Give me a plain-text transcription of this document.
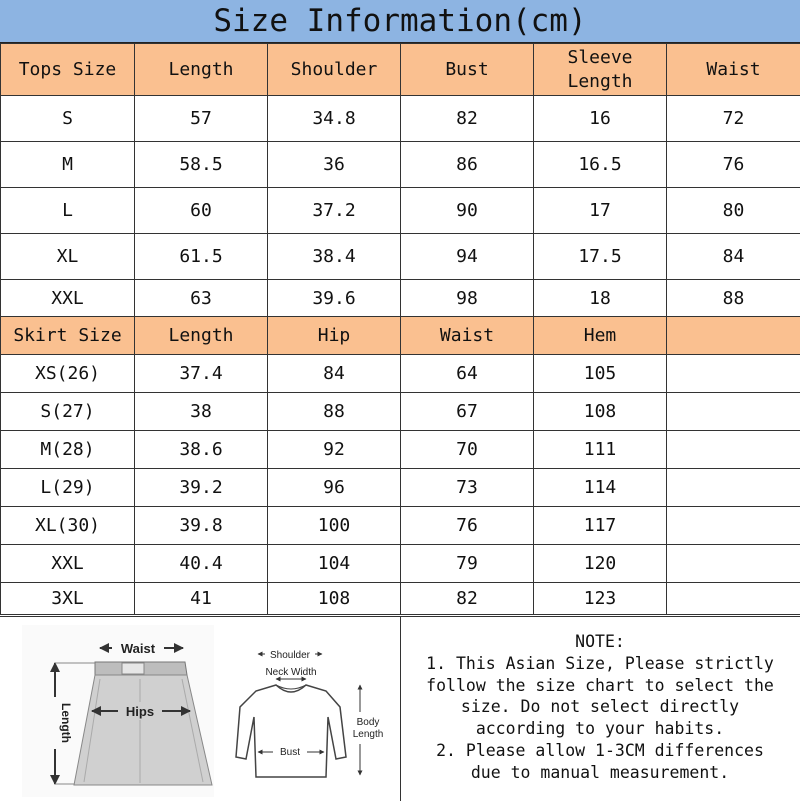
Size Information(cm)
Tops Size	Length	Shoulder	Bust	Sleeve Length	Waist
S	57	34.8	82	16	72
M	58.5	36	86	16.5	76
L	60	37.2	90	17	80
XL	61.5	38.4	94	17.5	84
XXL	63	39.6	98	18	88
Skirt Size	Length	Hip	Waist	Hem	
XS(26)	37.4	84	64	105	
S(27)	38	88	67	108	
M(28)	38.6	92	70	111	
L(29)	39.2	96	73	114	
XL(30)	39.8	100	76	117	
XXL	40.4	104	79	120	
3XL	41	108	82	123	
Waist
Hips
Length
Shoulder
Neck Width
Bust
Body
Length
NOTE:
1. This Asian Size, Please strictly
follow the size chart to select the
size. Do not select directly
according to your habits.
2. Please allow 1-3CM differences
due to manual measurement.
